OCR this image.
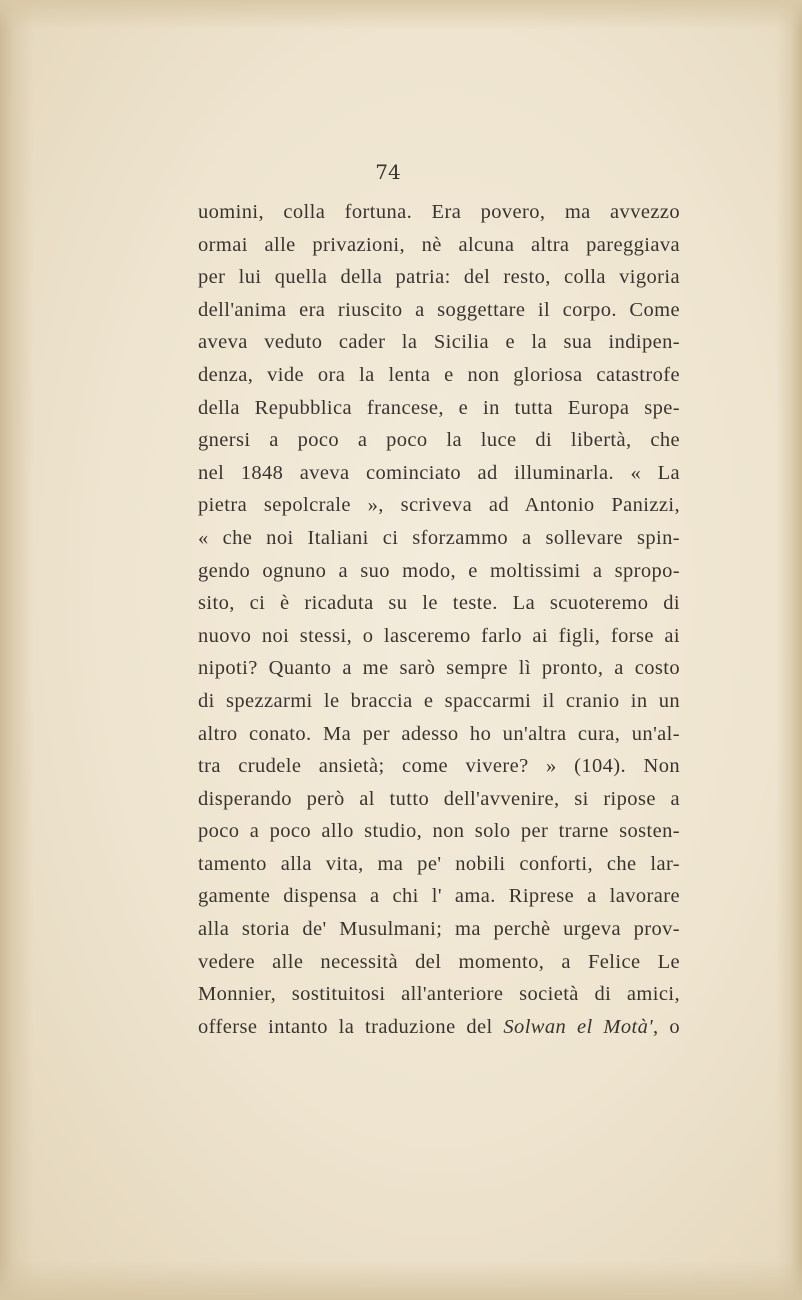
74
uomini, colla fortuna. Era povero, ma avvezzo
ormai alle privazioni, nè alcuna altra pareggiava
per lui quella della patria: del resto, colla vigoria
dell'anima era riuscito a soggettare il corpo. Come
aveva veduto cader la Sicilia e la sua indipen-
denza, vide ora la lenta e non gloriosa catastrofe
della Repubblica francese, e in tutta Europa spe-
gnersi a poco a poco la luce di libertà, che
nel 1848 aveva cominciato ad illuminarla. « La
pietra sepolcrale », scriveva ad Antonio Panizzi,
« che noi Italiani ci sforzammo a sollevare spin-
gendo ognuno a suo modo, e moltissimi a spropo-
sito, ci è ricaduta su le teste. La scuoteremo di
nuovo noi stessi, o lasceremo farlo ai figli, forse ai
nipoti? Quanto a me sarò sempre lì pronto, a costo
di spezzarmi le braccia e spaccarmi il cranio in un
altro conato. Ma per adesso ho un'altra cura, un'al-
tra crudele ansietà; come vivere? » (104). Non
disperando però al tutto dell'avvenire, si ripose a
poco a poco allo studio, non solo per trarne sosten-
tamento alla vita, ma pe' nobili conforti, che lar-
gamente dispensa a chi l' ama. Riprese a lavorare
alla storia de' Musulmani; ma perchè urgeva prov-
vedere alle necessità del momento, a Felice Le
Monnier, sostituitosi all'anteriore società di amici,
offerse intanto la traduzione del Solwan el Motà', o
